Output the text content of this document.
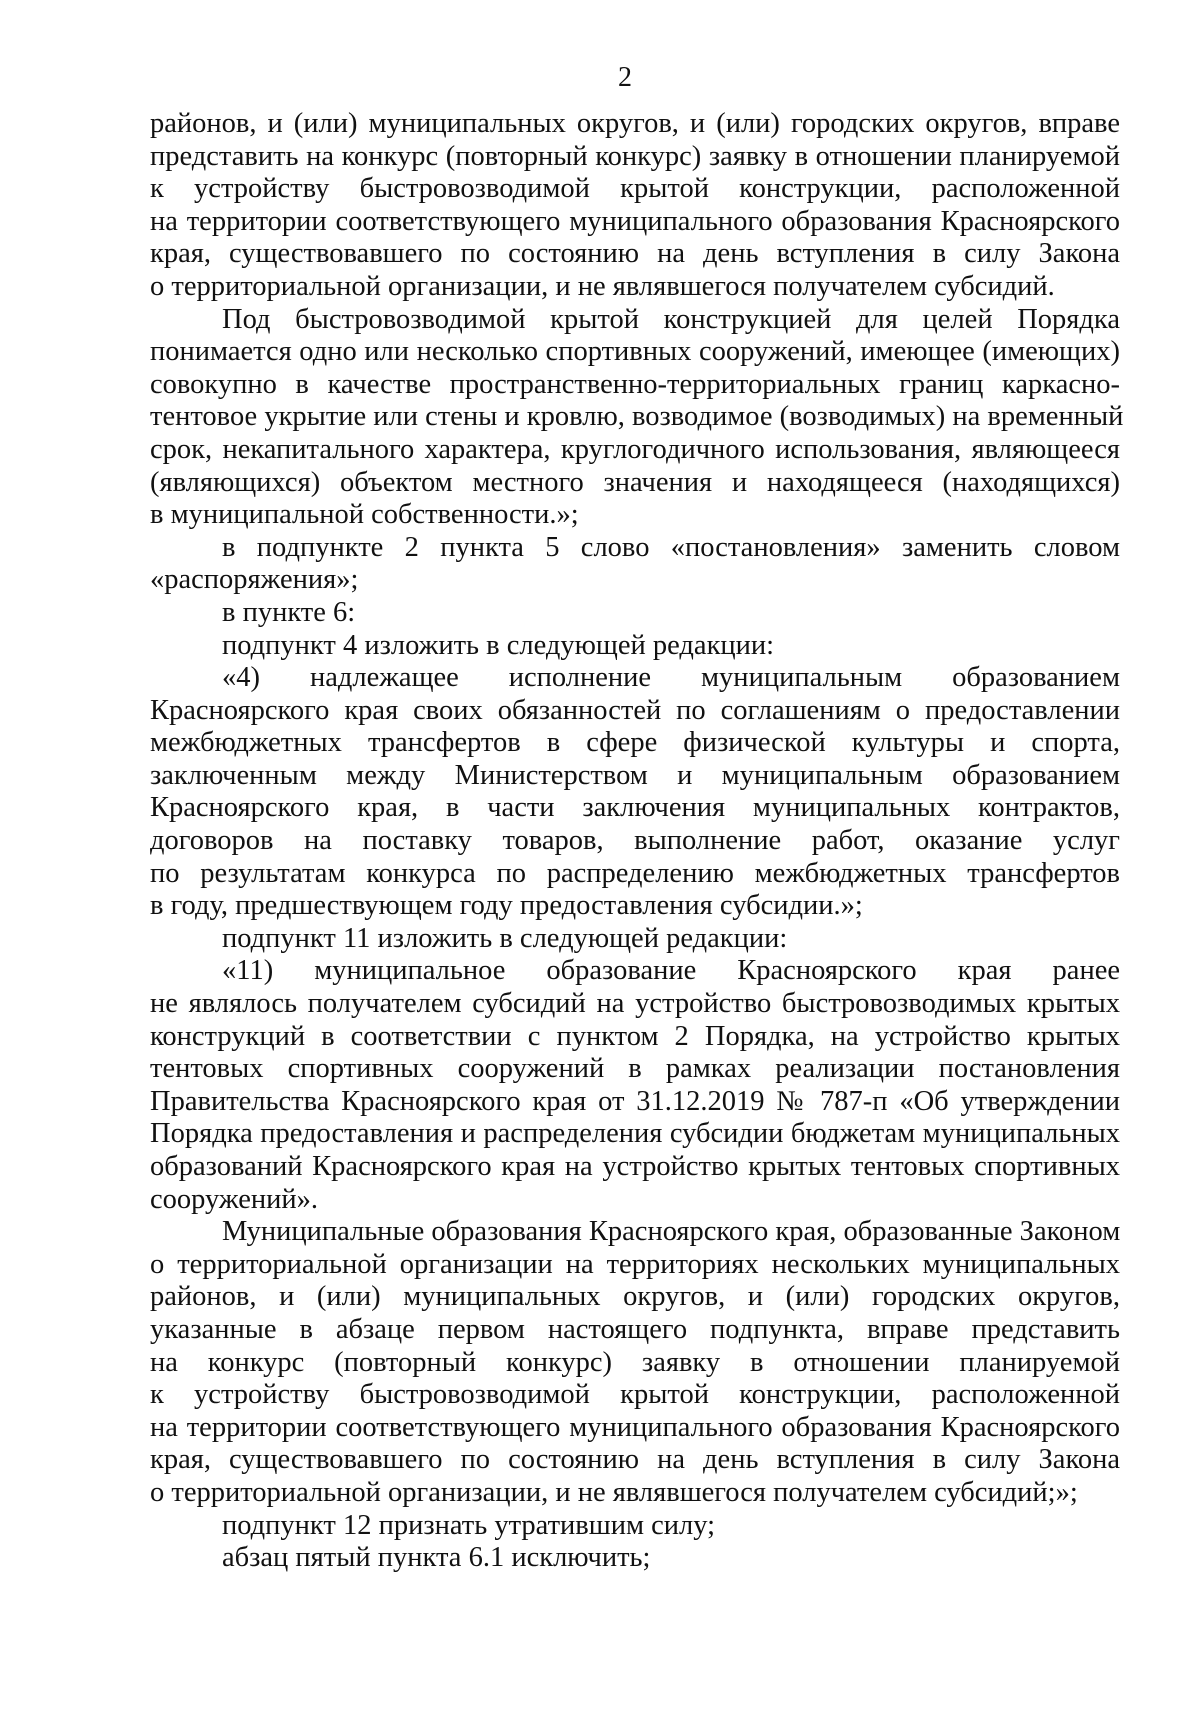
2
районов, и (или) муниципальных округов, и (или) городских округов, вправе
представить на конкурс (повторный конкурс) заявку в отношении планируемой
к устройству быстровозводимой крытой конструкции, расположенной
на территории соответствующего муниципального образования Красноярского
края, существовавшего по состоянию на день вступления в силу Закона
о территориальной организации, и не являвшегося получателем субсидий.
Под быстровозводимой крытой конструкцией для целей Порядка
понимается одно или несколько спортивных сооружений, имеющее (имеющих)
совокупно в качестве пространственно-территориальных границ каркасно-
тентовое укрытие или стены и кровлю, возводимое (возводимых) на временный
срок, некапитального характера, круглогодичного использования, являющееся
(являющихся) объектом местного значения и находящееся (находящихся)
в муниципальной собственности.»;
в подпункте 2 пункта 5 слово «постановления» заменить словом
«распоряжения»;
в пункте 6:
подпункт 4 изложить в следующей редакции:
«4) надлежащее исполнение муниципальным образованием
Красноярского края своих обязанностей по соглашениям о предоставлении
межбюджетных трансфертов в сфере физической культуры и спорта,
заключенным между Министерством и муниципальным образованием
Красноярского края, в части заключения муниципальных контрактов,
договоров на поставку товаров, выполнение работ, оказание услуг
по результатам конкурса по распределению межбюджетных трансфертов
в году, предшествующем году предоставления субсидии.»;
подпункт 11 изложить в следующей редакции:
«11) муниципальное образование Красноярского края ранее
не являлось получателем субсидий на устройство быстровозводимых крытых
конструкций в соответствии с пунктом 2 Порядка, на устройство крытых
тентовых спортивных сооружений в рамках реализации постановления
Правительства Красноярского края от 31.12.2019 № 787-п «Об утверждении
Порядка предоставления и распределения субсидии бюджетам муниципальных
образований Красноярского края на устройство крытых тентовых спортивных
сооружений».
Муниципальные образования Красноярского края, образованные Законом
о территориальной организации на территориях нескольких муниципальных
районов, и (или) муниципальных округов, и (или) городских округов,
указанные в абзаце первом настоящего подпункта, вправе представить
на конкурс (повторный конкурс) заявку в отношении планируемой
к устройству быстровозводимой крытой конструкции, расположенной
на территории соответствующего муниципального образования Красноярского
края, существовавшего по состоянию на день вступления в силу Закона
о территориальной организации, и не являвшегося получателем субсидий;»;
подпункт 12 признать утратившим силу;
абзац пятый пункта 6.1 исключить;
